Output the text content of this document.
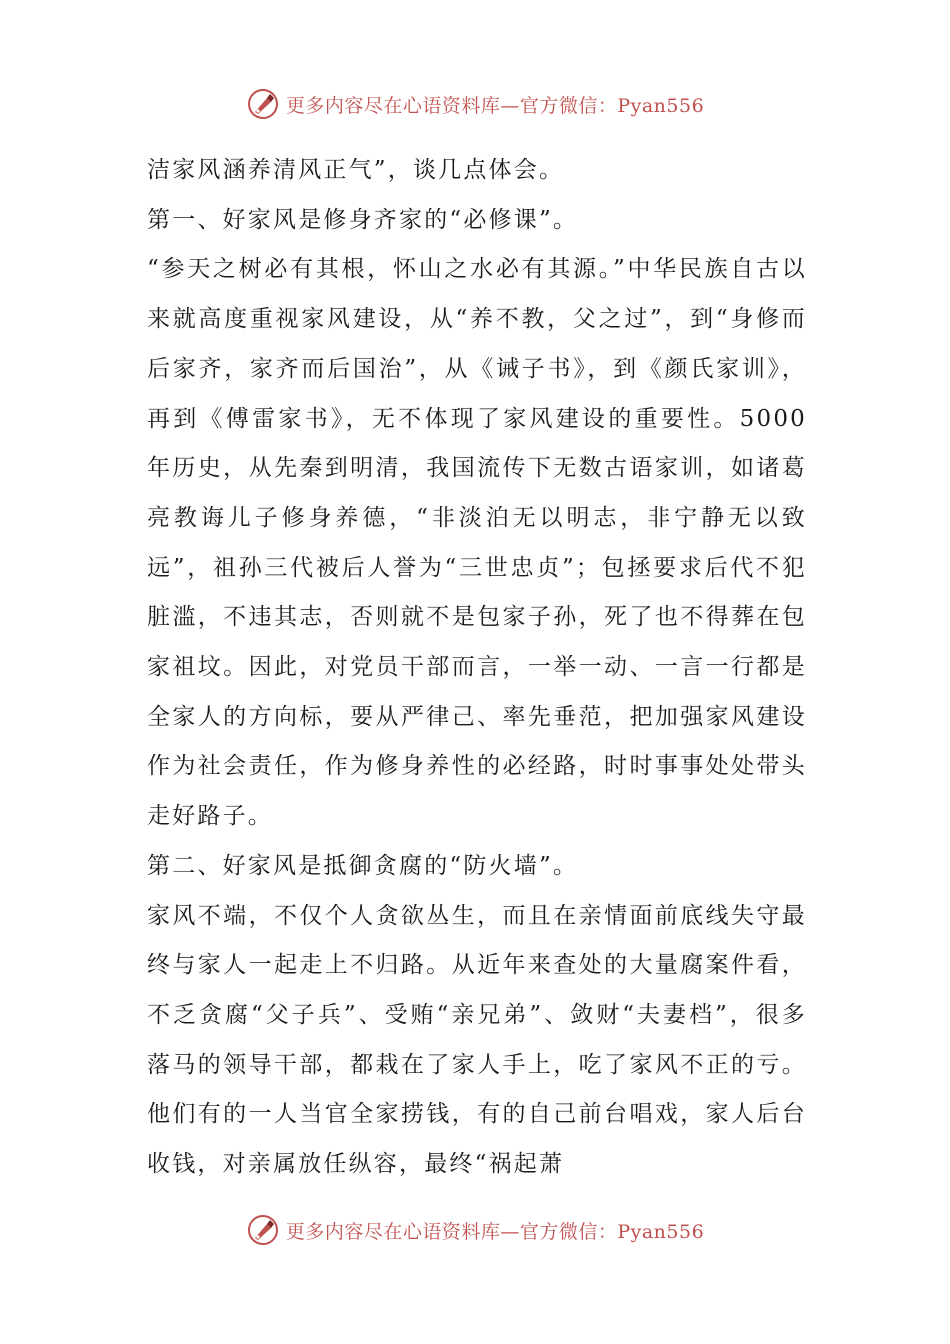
更多内容尽在心语资料库—官方微信：Pyan556

洁家风涵养清风正气”，谈几点体会。

第一、好家风是修身齐家的“必修课”。

“参天之树必有其根，怀山之水必有其源。”中华民族自古以来就高度重视家风建设，从“养不教，父之过”，到“身修而后家齐，家齐而后国治”，从《诫子书》，到《颜氏家训》，再到《傅雷家书》，无不体现了家风建设的重要性。5000年历史，从先秦到明清，我国流传下无数古语家训，如诸葛亮教诲儿子修身养德，“非淡泊无以明志，非宁静无以致远”，祖孙三代被后人誉为“三世忠贞”；包拯要求后代不犯脏滥，不违其志，否则就不是包家子孙，死了也不得葬在包家祖坟。因此，对党员干部而言，一举一动、一言一行都是全家人的方向标，要从严律己、率先垂范，把加强家风建设作为社会责任，作为修身养性的必经路，时时事事处处带头走好路子。

第二、好家风是抵御贪腐的“防火墙”。

家风不端，不仅个人贪欲丛生，而且在亲情面前底线失守最终与家人一起走上不归路。从近年来查处的大量腐案件看，不乏贪腐“父子兵”、受贿“亲兄弟”、敛财“夫妻档”，很多落马的领导干部，都栽在了家人手上，吃了家风不正的亏。他们有的一人当官全家捞钱，有的自己前台唱戏，家人后台收钱，对亲属放任纵容，最终“祸起萧

更多内容尽在心语资料库—官方微信：Pyan556
